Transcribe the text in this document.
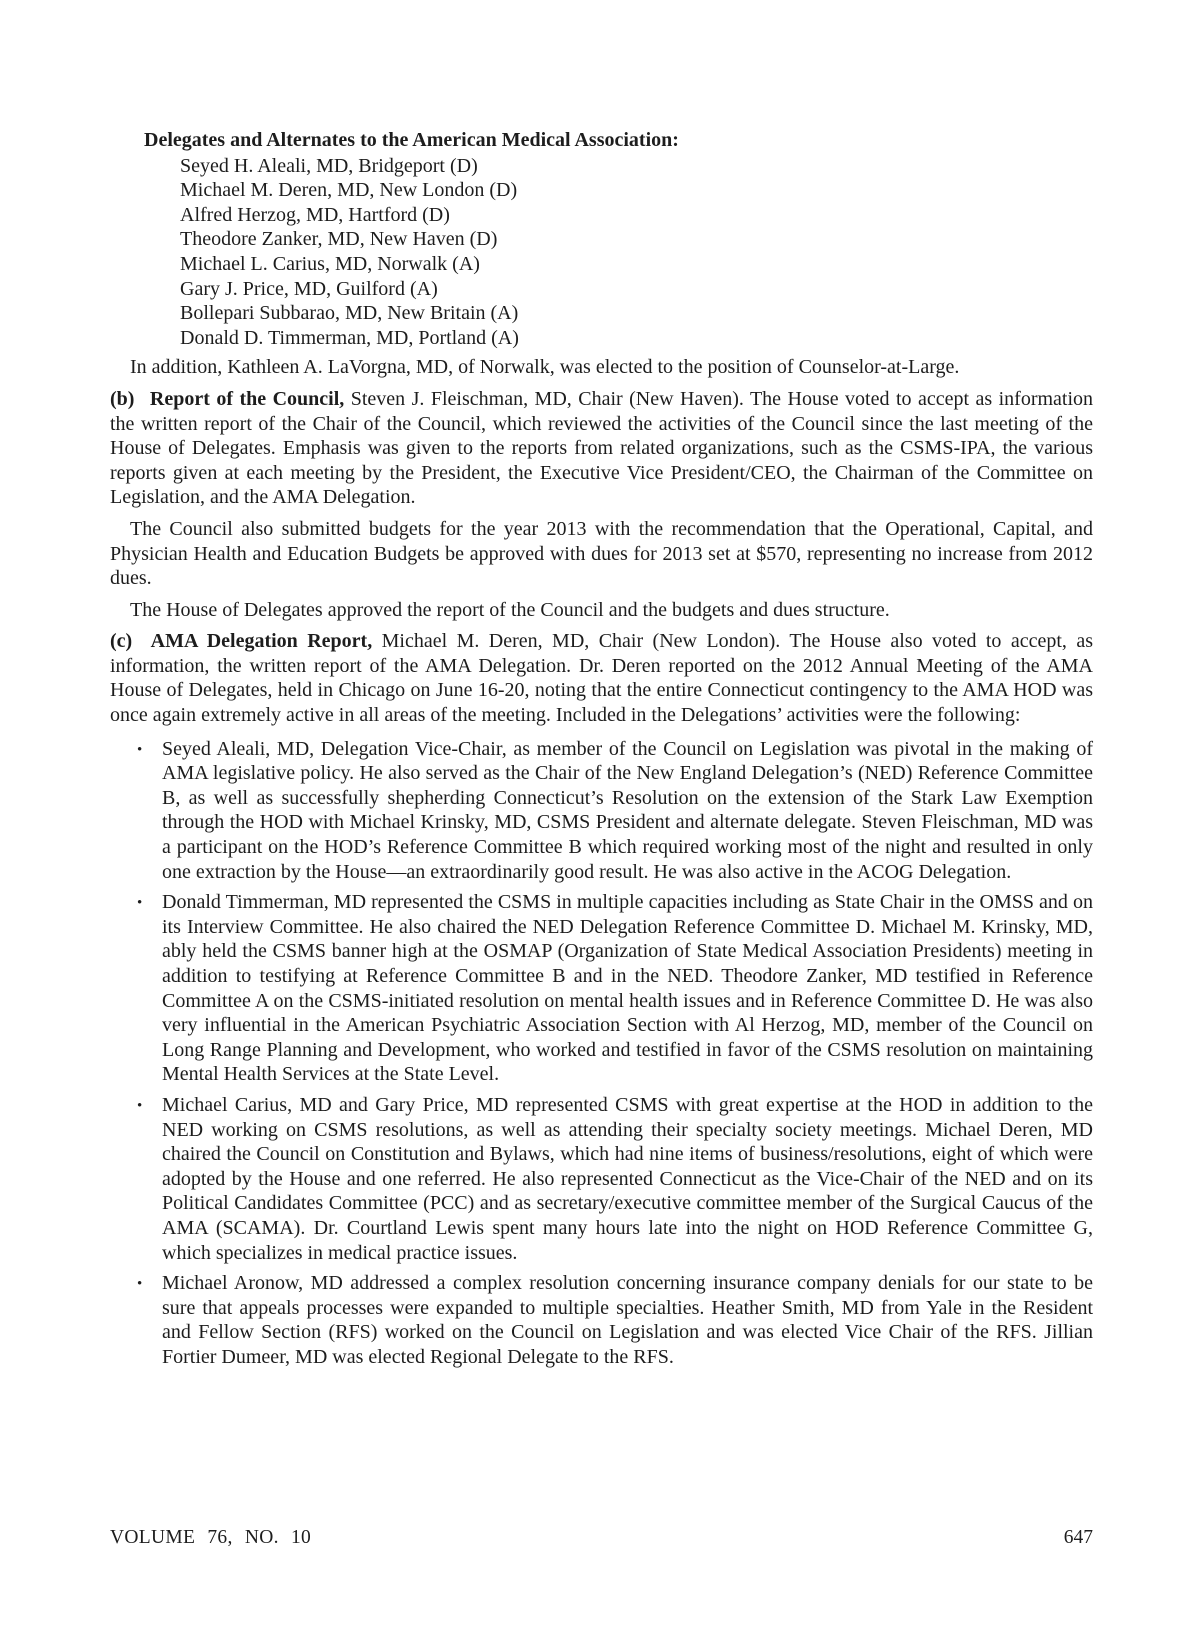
Delegates and Alternates to the American Medical Association:
Seyed H. Aleali, MD, Bridgeport (D)
Michael M. Deren, MD, New London (D)
Alfred Herzog, MD, Hartford (D)
Theodore Zanker, MD, New Haven (D)
Michael L. Carius, MD, Norwalk (A)
Gary J. Price, MD, Guilford (A)
Bollepari Subbarao, MD, New Britain (A)
Donald D. Timmerman, MD, Portland (A)

In addition, Kathleen A. LaVorgna, MD, of Norwalk, was elected to the position of Counselor-at-Large.

(b) Report of the Council, Steven J. Fleischman, MD, Chair (New Haven). The House voted to accept as information the written report of the Chair of the Council, which reviewed the activities of the Council since the last meeting of the House of Delegates. Emphasis was given to the reports from related organizations, such as the CSMS-IPA, the various reports given at each meeting by the President, the Executive Vice President/CEO, the Chairman of the Committee on Legislation, and the AMA Delegation.

The Council also submitted budgets for the year 2013 with the recommendation that the Operational, Capital, and Physician Health and Education Budgets be approved with dues for 2013 set at $570, representing no increase from 2012 dues.

The House of Delegates approved the report of the Council and the budgets and dues structure.

(c) AMA Delegation Report, Michael M. Deren, MD, Chair (New London). The House also voted to accept, as information, the written report of the AMA Delegation. Dr. Deren reported on the 2012 Annual Meeting of the AMA House of Delegates, held in Chicago on June 16-20, noting that the entire Connecticut contingency to the AMA HOD was once again extremely active in all areas of the meeting. Included in the Delegations’ activities were the following:

• Seyed Aleali, MD, Delegation Vice-Chair, as member of the Council on Legislation was pivotal in the making of AMA legislative policy. He also served as the Chair of the New England Delegation’s (NED) Reference Committee B, as well as successfully shepherding Connecticut’s Resolution on the extension of the Stark Law Exemption through the HOD with Michael Krinsky, MD, CSMS President and alternate delegate. Steven Fleischman, MD was a participant on the HOD’s Reference Committee B which required working most of the night and resulted in only one extraction by the House—an extraordinarily good result. He was also active in the ACOG Delegation.
• Donald Timmerman, MD represented the CSMS in multiple capacities including as State Chair in the OMSS and on its Interview Committee. He also chaired the NED Delegation Reference Committee D. Michael M. Krinsky, MD, ably held the CSMS banner high at the OSMAP (Organization of State Medical Association Presidents) meeting in addition to testifying at Reference Committee B and in the NED. Theodore Zanker, MD testified in Reference Committee A on the CSMS-initiated resolution on mental health issues and in Reference Committee D. He was also very influential in the American Psychiatric Association Section with Al Herzog, MD, member of the Council on Long Range Planning and Development, who worked and testified in favor of the CSMS resolution on maintaining Mental Health Services at the State Level.
• Michael Carius, MD and Gary Price, MD represented CSMS with great expertise at the HOD in addition to the NED working on CSMS resolutions, as well as attending their specialty society meetings. Michael Deren, MD chaired the Council on Constitution and Bylaws, which had nine items of business/resolutions, eight of which were adopted by the House and one referred. He also represented Connecticut as the Vice-Chair of the NED and on its Political Candidates Committee (PCC) and as secretary/executive committee member of the Surgical Caucus of the AMA (SCAMA). Dr. Courtland Lewis spent many hours late into the night on HOD Reference Committee G, which specializes in medical practice issues.
• Michael Aronow, MD addressed a complex resolution concerning insurance company denials for our state to be sure that appeals processes were expanded to multiple specialties. Heather Smith, MD from Yale in the Resident and Fellow Section (RFS) worked on the Council on Legislation and was elected Vice Chair of the RFS. Jillian Fortier Dumeer, MD was elected Regional Delegate to the RFS.
VOLUME 76, NO. 10	647
